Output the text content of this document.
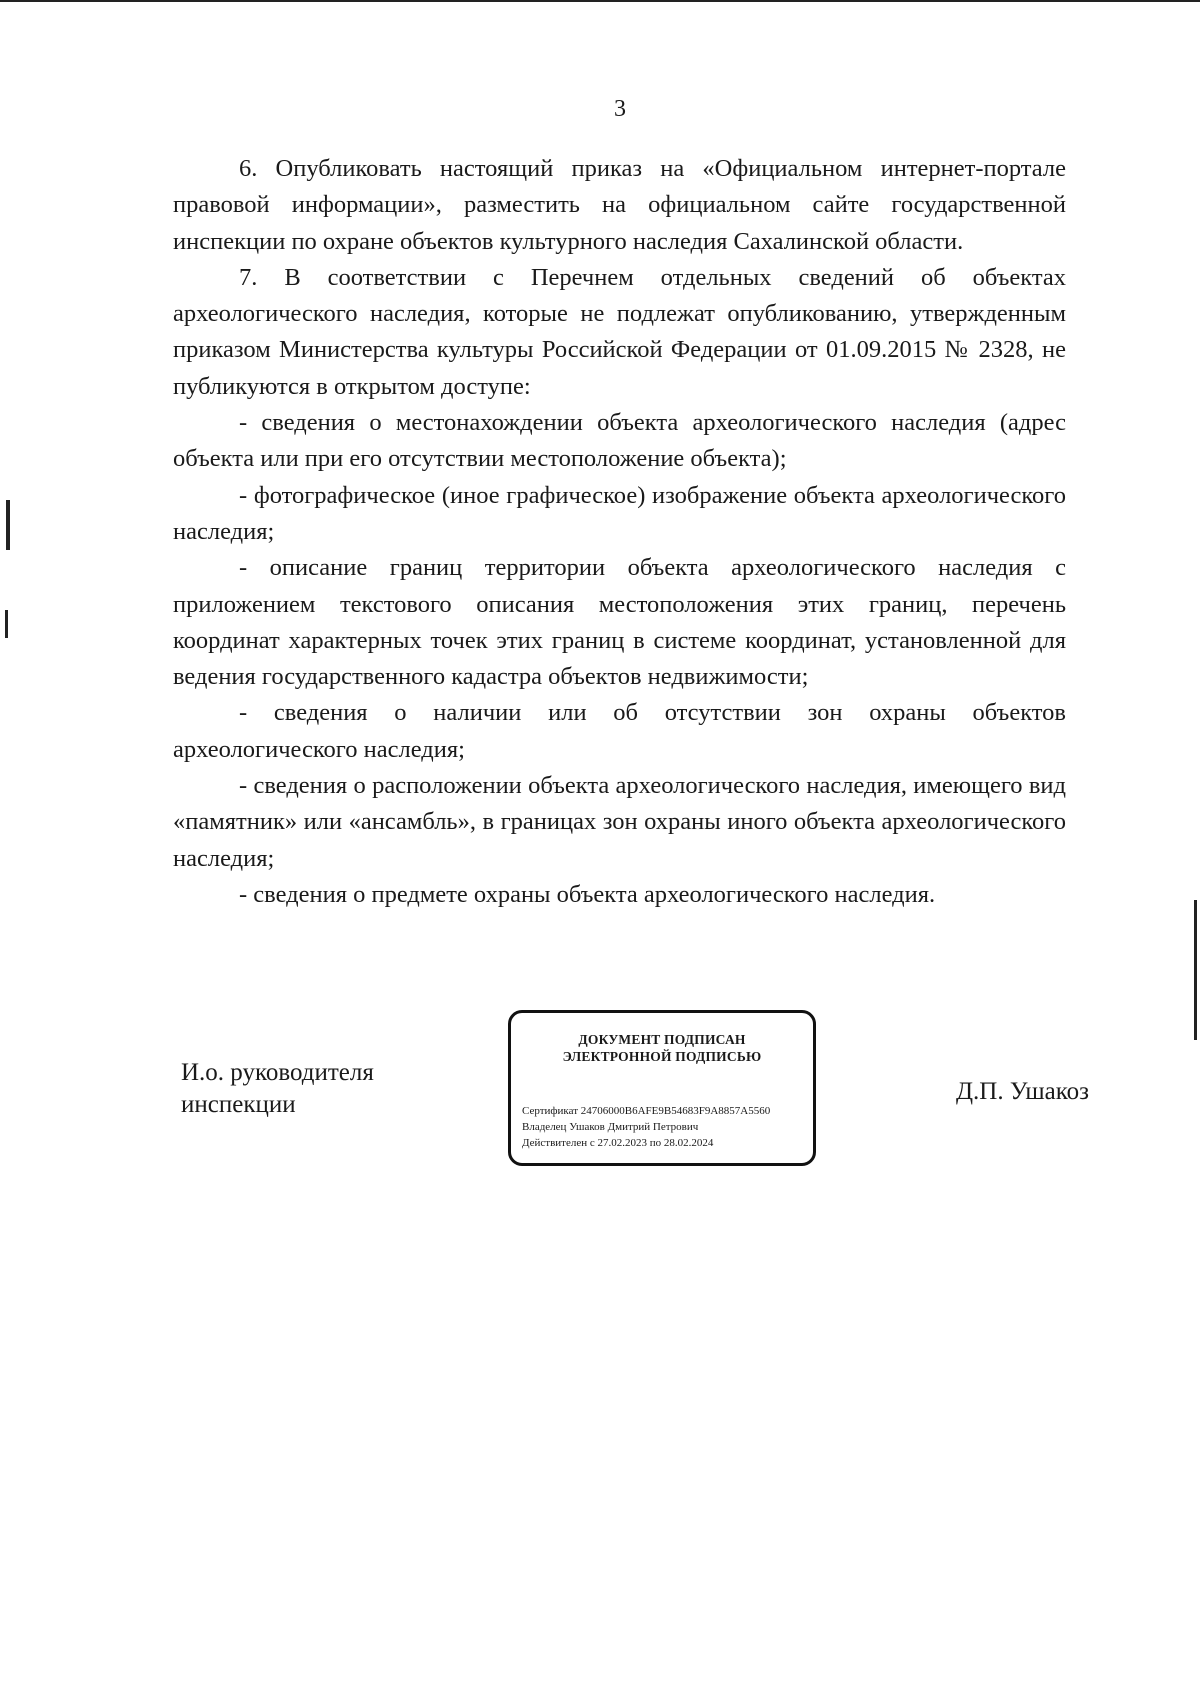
3

6. Опубликовать настоящий приказ на «Официальном интернет-портале правовой информации», разместить на официальном сайте государственной инспекции по охране объектов культурного наследия Сахалинской области.

7. В соответствии с Перечнем отдельных сведений об объектах археологического наследия, которые не подлежат опубликованию, утвержденным приказом Министерства культуры Российской Федерации от 01.09.2015 № 2328, не публикуются в открытом доступе:

- сведения о местонахождении объекта археологического наследия (адрес объекта или при его отсутствии местоположение объекта);

- фотографическое (иное графическое) изображение объекта археологического наследия;

- описание границ территории объекта археологического наследия с приложением текстового описания местоположения этих границ, перечень координат характерных точек этих границ в системе координат, установленной для ведения государственного кадастра объектов недвижимости;

- сведения о наличии или об отсутствии зон охраны объектов археологического наследия;

- сведения о расположении объекта археологического наследия, имеющего вид «памятник» или «ансамбль», в границах зон охраны иного объекта археологического наследия;

- сведения о предмете охраны объекта археологического наследия.

И.о. руководителя
инспекции
ДОКУМЕНТ ПОДПИСАН
ЭЛЕКТРОННОЙ ПОДПИСЬЮ
Сертификат 24706000B6AFE9B54683F9A8857A5560
Владелец Ушаков Дмитрий Петрович
Действителен с 27.02.2023 по 28.02.2024
Д.П. Ушакоз
